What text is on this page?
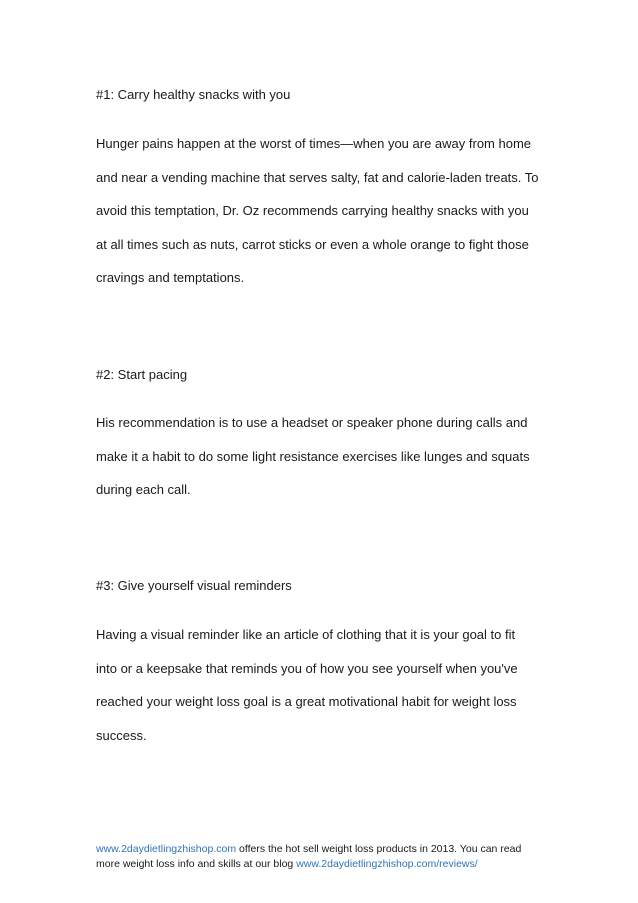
#1: Carry healthy snacks with you
Hunger pains happen at the worst of times—when you are away from home
and near a vending machine that serves salty, fat and calorie-laden treats. To
avoid this temptation, Dr. Oz recommends carrying healthy snacks with you
at all times such as nuts, carrot sticks or even a whole orange to fight those
cravings and temptations.
#2: Start pacing
His recommendation is to use a headset or speaker phone during calls and
make it a habit to do some light resistance exercises like lunges and squats
during each call.
#3: Give yourself visual reminders
Having a visual reminder like an article of clothing that it is your goal to fit
into or a keepsake that reminds you of how you see yourself when you've
reached your weight loss goal is a great motivational habit for weight loss
success.
www.2daydietlingzhishop.com offers the hot sell weight loss products in 2013. You can read
more weight loss info and skills at our blog www.2daydietlingzhishop.com/reviews/
